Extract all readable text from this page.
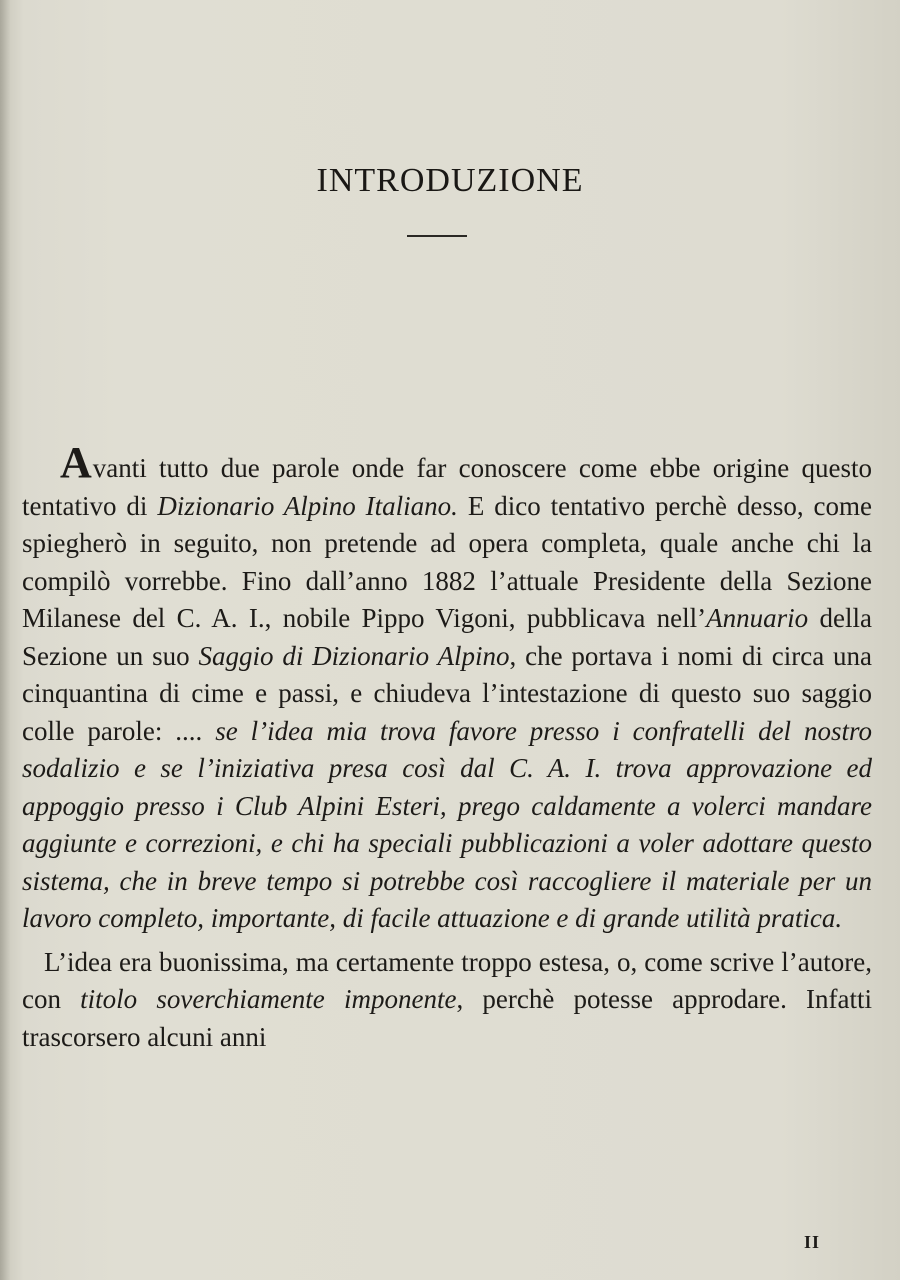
INTRODUZIONE

Avanti tutto due parole onde far conoscere come ebbe origine questo tentativo di Dizionario Alpino Italiano. E dico tentativo perchè desso, come spiegherò in seguito, non pretende ad opera completa, quale anche chi la compilò vorrebbe. Fino dall’anno 1882 l’attuale Presidente della Sezione Milanese del C. A. I., nobile Pippo Vigoni, pubblicava nell’Annuario della Sezione un suo Saggio di Dizionario Alpino, che portava i nomi di circa una cinquantina di cime e passi, e chiudeva l’intestazione di questo suo saggio colle parole: .... se l’idea mia trova favore presso i confratelli del nostro sodalizio e se l’iniziativa presa così dal C. A. I. trova approvazione ed appoggio presso i Club Alpini Esteri, prego caldamente a volerci mandare aggiunte e correzioni, e chi ha speciali pubblicazioni a voler adottare questo sistema, che in breve tempo si potrebbe così raccogliere il materiale per un lavoro completo, importante, di facile attuazione e di grande utilità pratica.

L’idea era buonissima, ma certamente troppo estesa, o, come scrive l’autore, con titolo soverchiamente imponente, perchè potesse approdare. Infatti trascorsero alcuni anni

II
